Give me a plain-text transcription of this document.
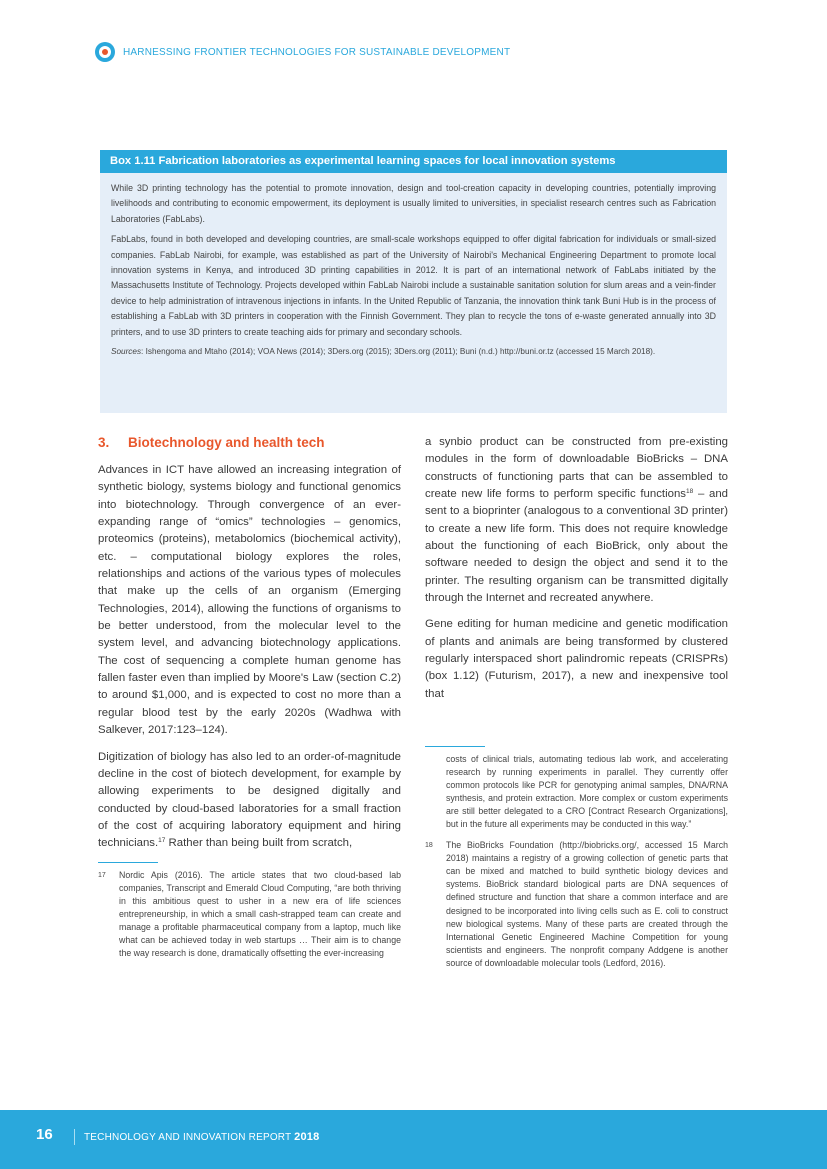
HARNESSING FRONTIER TECHNOLOGIES FOR SUSTAINABLE DEVELOPMENT
Box 1.11 Fabrication laboratories as experimental learning spaces for local innovation systems

While 3D printing technology has the potential to promote innovation, design and tool-creation capacity in developing countries, potentially improving livelihoods and contributing to economic empowerment, its deployment is usually limited to universities, in specialist research centres such as Fabrication Laboratories (FabLabs).

FabLabs, found in both developed and developing countries, are small-scale workshops equipped to offer digital fabrication for individuals or small-sized companies. FabLab Nairobi, for example, was established as part of the University of Nairobi's Mechanical Engineering Department to promote local innovation systems in Kenya, and introduced 3D printing capabilities in 2012. It is part of an international network of FabLabs initiated by the Massachusetts Institute of Technology. Projects developed within FabLab Nairobi include a sustainable sanitation solution for slum areas and a vein-finder device to help administration of intravenous injections in infants. In the United Republic of Tanzania, the innovation think tank Buni Hub is in the process of establishing a FabLab with 3D printers in cooperation with the Finnish Government. They plan to recycle the tons of e-waste generated annually into 3D printers, and to use 3D printers to create teaching aids for primary and secondary schools.

Sources: Ishengoma and Mtaho (2014); VOA News (2014); 3Ders.org (2015); 3Ders.org (2011); Buni (n.d.) http://buni.or.tz (accessed 15 March 2018).

3. Biotechnology and health tech

Advances in ICT have allowed an increasing integration of synthetic biology, systems biology and functional genomics into biotechnology. Through convergence of an ever-expanding range of “omics” technologies – genomics, proteomics (proteins), metabolomics (biochemical activity), etc. – computational biology explores the roles, relationships and actions of the various types of molecules that make up the cells of an organism (Emerging Technologies, 2014), allowing the functions of organisms to be better understood, from the molecular level to the system level, and advancing biotechnology applications. The cost of sequencing a complete human genome has fallen faster even than implied by Moore's Law (section C.2) to around $1,000, and is expected to cost no more than a regular blood test by the early 2020s (Wadhwa with Salkever, 2017:123–124).

Digitization of biology has also led to an order-of-magnitude decline in the cost of biotech development, for example by allowing experiments to be designed digitally and conducted by cloud-based laboratories for a small fraction of the cost of acquiring laboratory equipment and hiring technicians.$^{17}$ Rather than being built from scratch,

17	Nordic Apis (2016). The article states that two cloud-based lab companies, Transcript and Emerald Cloud Computing, “are both thriving in this ambitious quest to usher in a new era of life sciences entrepreneurship, in which a small cash-strapped team can create and manage a profitable pharmaceutical company from a laptop, much like what can be achieved today in web startups … Their aim is to change the way research is done, dramatically offsetting the ever-increasing

a synbio product can be constructed from pre-existing modules in the form of downloadable BioBricks – DNA constructs of functioning parts that can be assembled to create new life forms to perform specific functions$^{18}$ – and sent to a bioprinter (analogous to a conventional 3D printer) to create a new life form. This does not require knowledge about the functioning of each BioBrick, only about the software needed to design the object and send it to the printer. The resulting organism can be transmitted digitally through the Internet and recreated anywhere.

Gene editing for human medicine and genetic modification of plants and animals are being transformed by clustered regularly interspaced short palindromic repeats (CRISPRs) (box 1.12) (Futurism, 2017), a new and inexpensive tool that

costs of clinical trials, automating tedious lab work, and accelerating research by running experiments in parallel. They currently offer common protocols like PCR for genotyping animal samples, DNA/RNA synthesis, and protein extraction. More complex or custom experiments are still better delegated to a CRO [Contract Research Organizations], but in the future all experiments may be conducted in this way.”
18	The BioBricks Foundation (http://biobricks.org/, accessed 15 March 2018) maintains a registry of a growing collection of genetic parts that can be mixed and matched to build synthetic biology devices and systems. BioBrick standard biological parts are DNA sequences of defined structure and function that share a common interface and are designed to be incorporated into living cells such as E. coli to construct new biological systems. Many of these parts are created through the International Genetic Engineered Machine Competition for young scientists and engineers. The nonprofit company Addgene is another source of downloadable molecular tools (Ledford, 2016).
16	TECHNOLOGY AND INNOVATION REPORT 2018
